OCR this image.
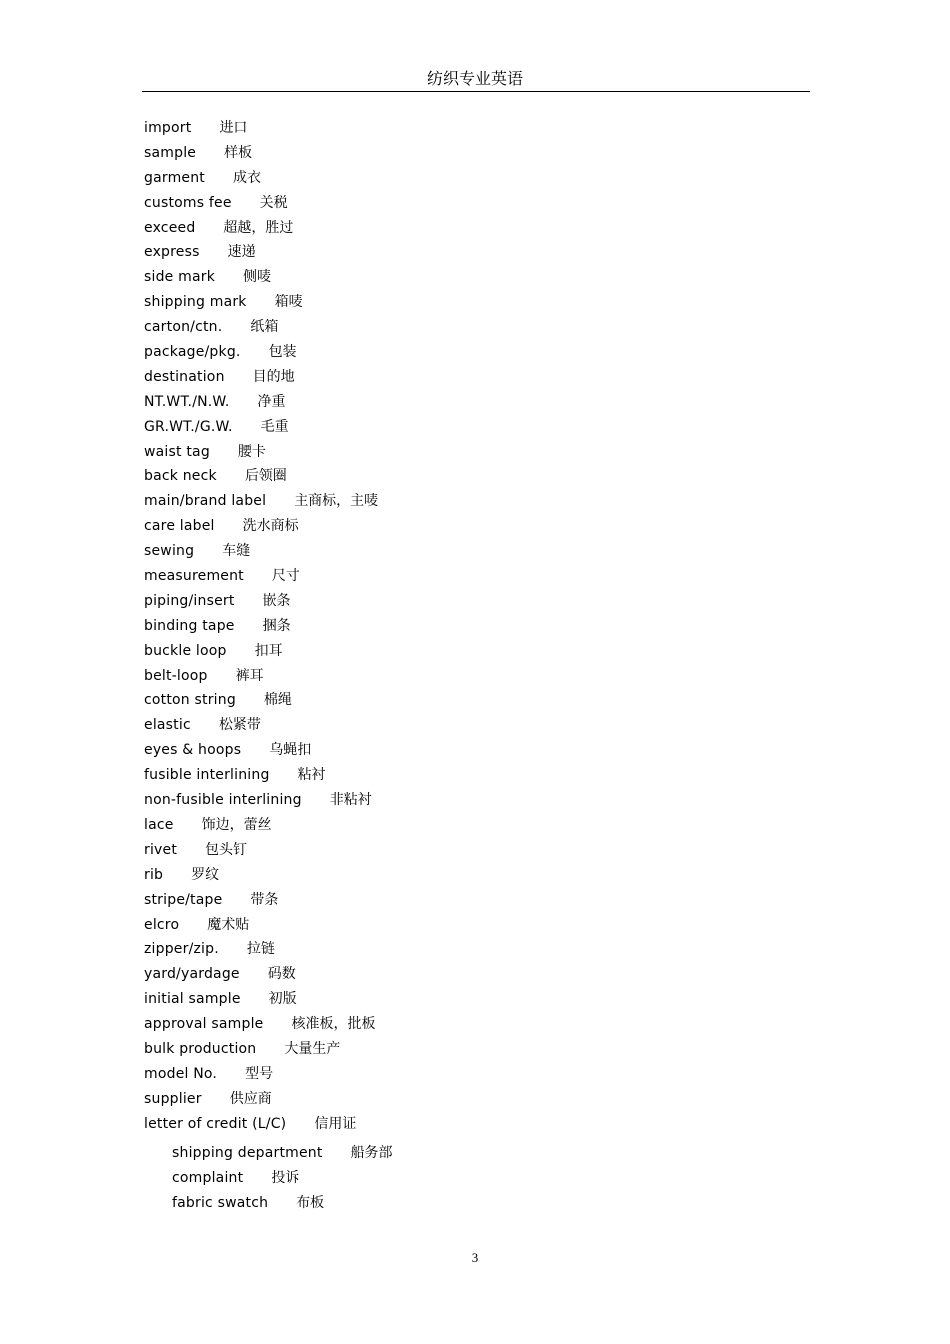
纺织专业英语
import 进口
sample 样板
garment 成衣
customs fee 关税
exceed 超越，胜过
express 速递
side mark 侧唛
shipping mark 箱唛
carton/ctn. 纸箱
package/pkg. 包装
destination 目的地
NT.WT./N.W. 净重
GR.WT./G.W. 毛重
waist tag 腰卡
back neck 后领圈
main/brand label 主商标，主唛
care label 洗水商标
sewing 车缝
measurement 尺寸
piping/insert 嵌条
binding tape 捆条
buckle loop 扣耳
belt-loop 裤耳
cotton string 棉绳
elastic 松紧带
eyes & hoops 乌蝇扣
fusible interlining 粘衬
non-fusible interlining 非粘衬
lace 饰边，蕾丝
rivet 包头钉
rib 罗纹
stripe/tape 带条
elcro 魔术贴
zipper/zip. 拉链
yard/yardage 码数
initial sample 初版
approval sample 核准板，批板
bulk production 大量生产
model No. 型号
supplier 供应商
letter of credit (L/C) 信用证
shipping department 船务部
complaint 投诉
fabric swatch 布板
3
